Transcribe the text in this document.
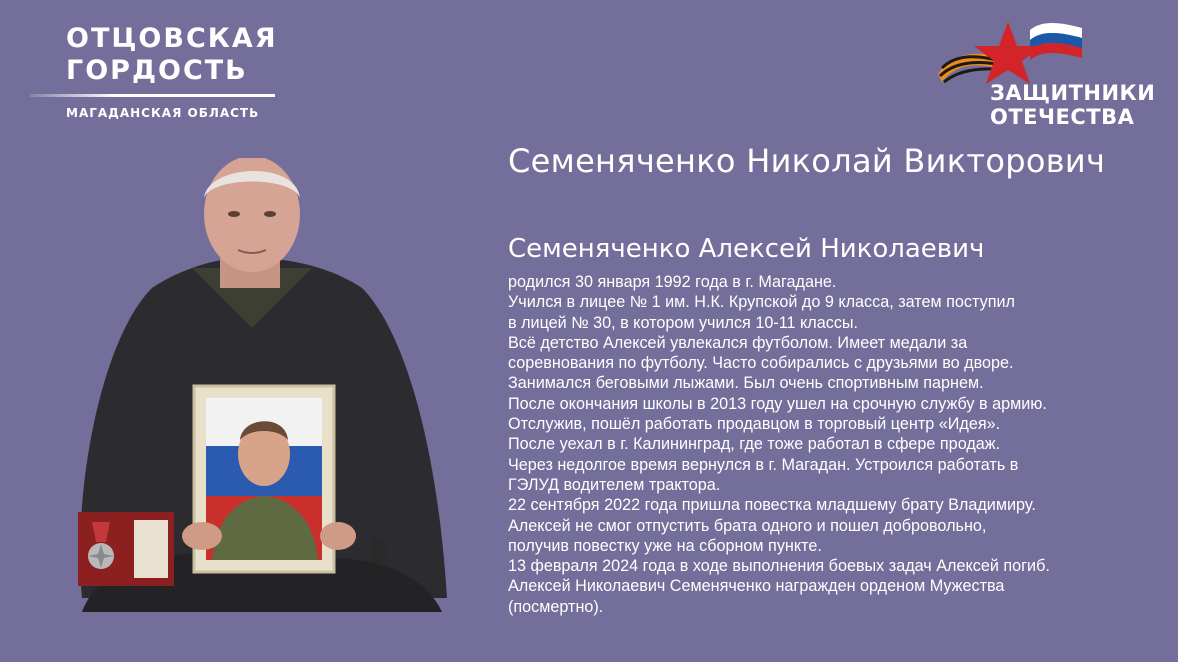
ОТЦОВСКАЯ
ГОРДОСТЬ
МАГАДАНСКАЯ ОБЛАСТЬ
ЗАЩИТНИКИ
ОТЕЧЕСТВА
Семеняченко Николай Викторович
Семеняченко Алексей Николаевич
родился 30 января 1992 года в г. Магадане.
Учился в лицее № 1 им. Н.К. Крупской до 9 класса, затем поступил
в лицей № 30, в котором учился 10-11 классы.
Всё детство Алексей увлекался футболом. Имеет медали за
соревнования по футболу. Часто собирались с друзьями во дворе.
Занимался беговыми лыжами. Был очень спортивным парнем.
После окончания школы в 2013 году ушел на срочную службу в армию.
Отслужив, пошёл работать продавцом в торговый центр «Идея».
После уехал в г. Калининград, где тоже работал в сфере продаж.
Через недолгое время вернулся в г. Магадан. Устроился работать в
ГЭЛУД водителем трактора.
22 сентября 2022 года пришла повестка младшему брату Владимиру.
Алексей не смог отпустить брата одного и пошел добровольно,
получив повестку уже на сборном пункте.
13 февраля 2024 года в ходе выполнения боевых задач Алексей погиб.
Алексей Николаевич Семеняченко награжден орденом Мужества
(посмертно).
